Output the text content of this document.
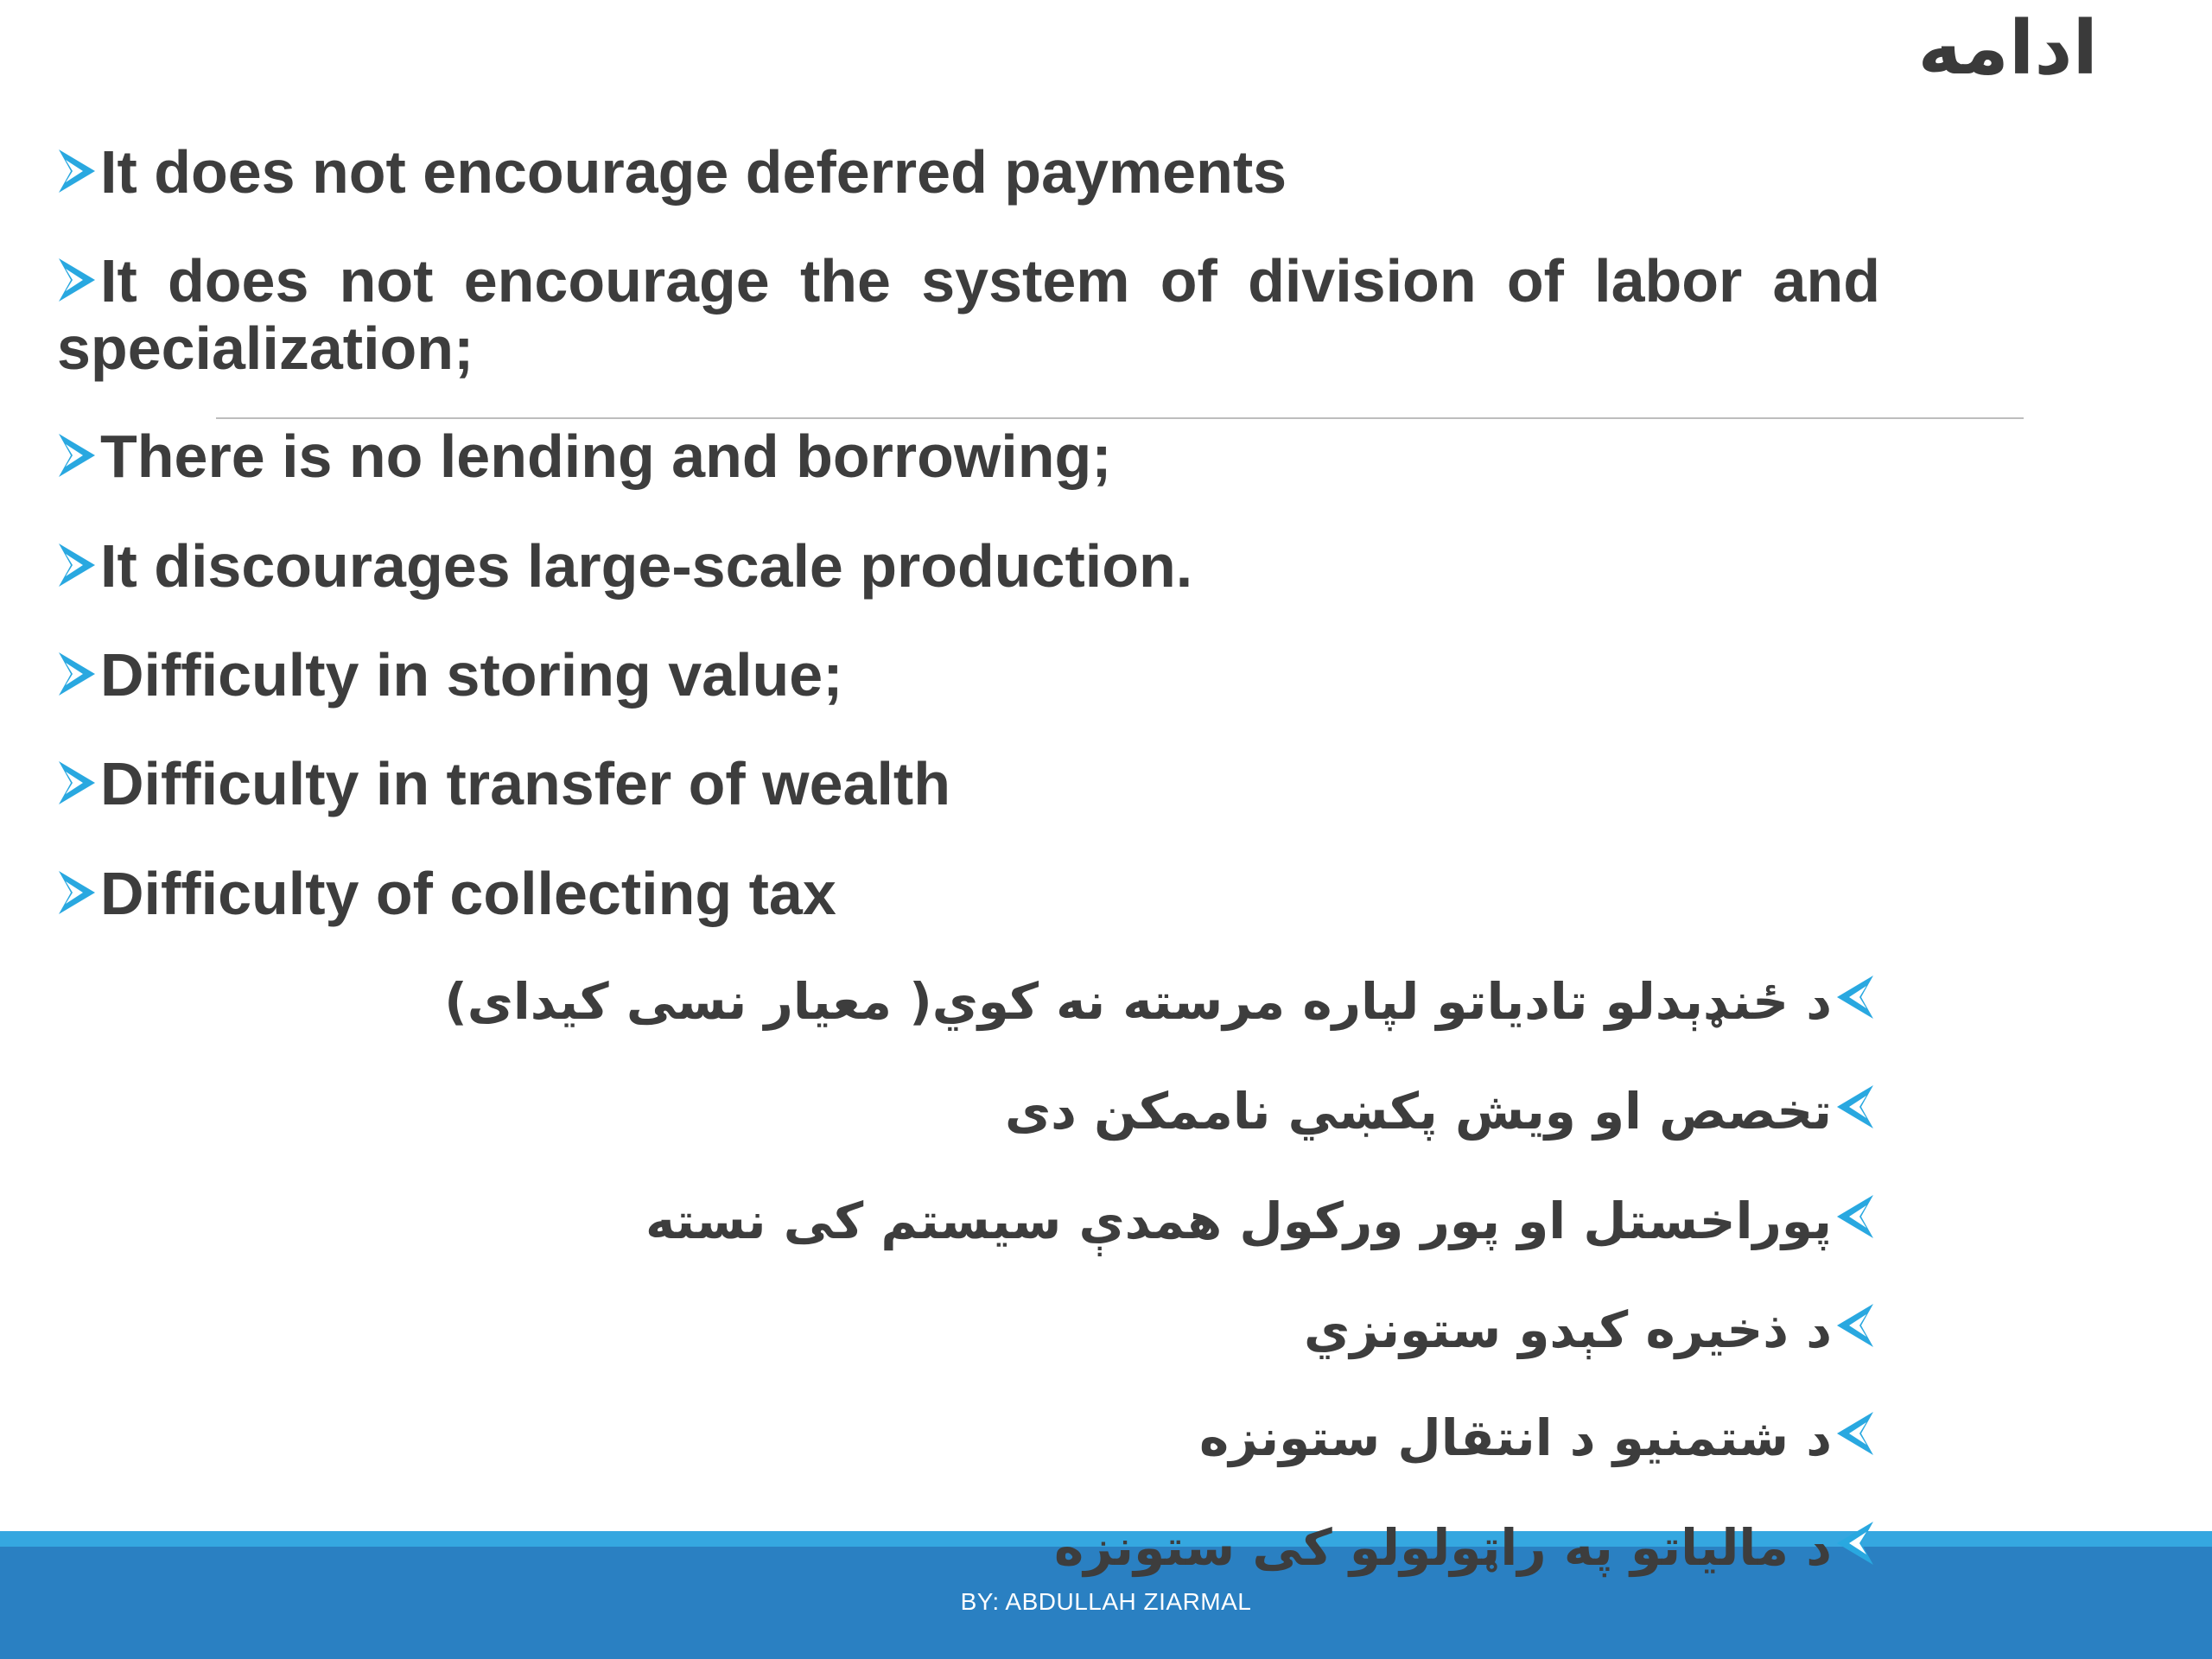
ادامه
It does not encourage deferred payments
It does not encourage the system of division of labor and specialization;
There is no lending and borrowing;
It discourages large-scale production.
Difficulty in storing value;
Difficulty in transfer of wealth
Difficulty of collecting tax
د ځنډېدلو تادیاتو لپاره مرسته نه کوي( معیار نسی کیدای)
تخصص او ویش پکښي ناممکن دی
پوراخستل او پور ورکول همدې سیستم کی نسته
د ذخیره کېدو ستونزي
د شتمنیو د انتقال ستونزه
د مالیاتو په راټولولو کی ستونزه
BY: ABDULLAH ZIARMAL
